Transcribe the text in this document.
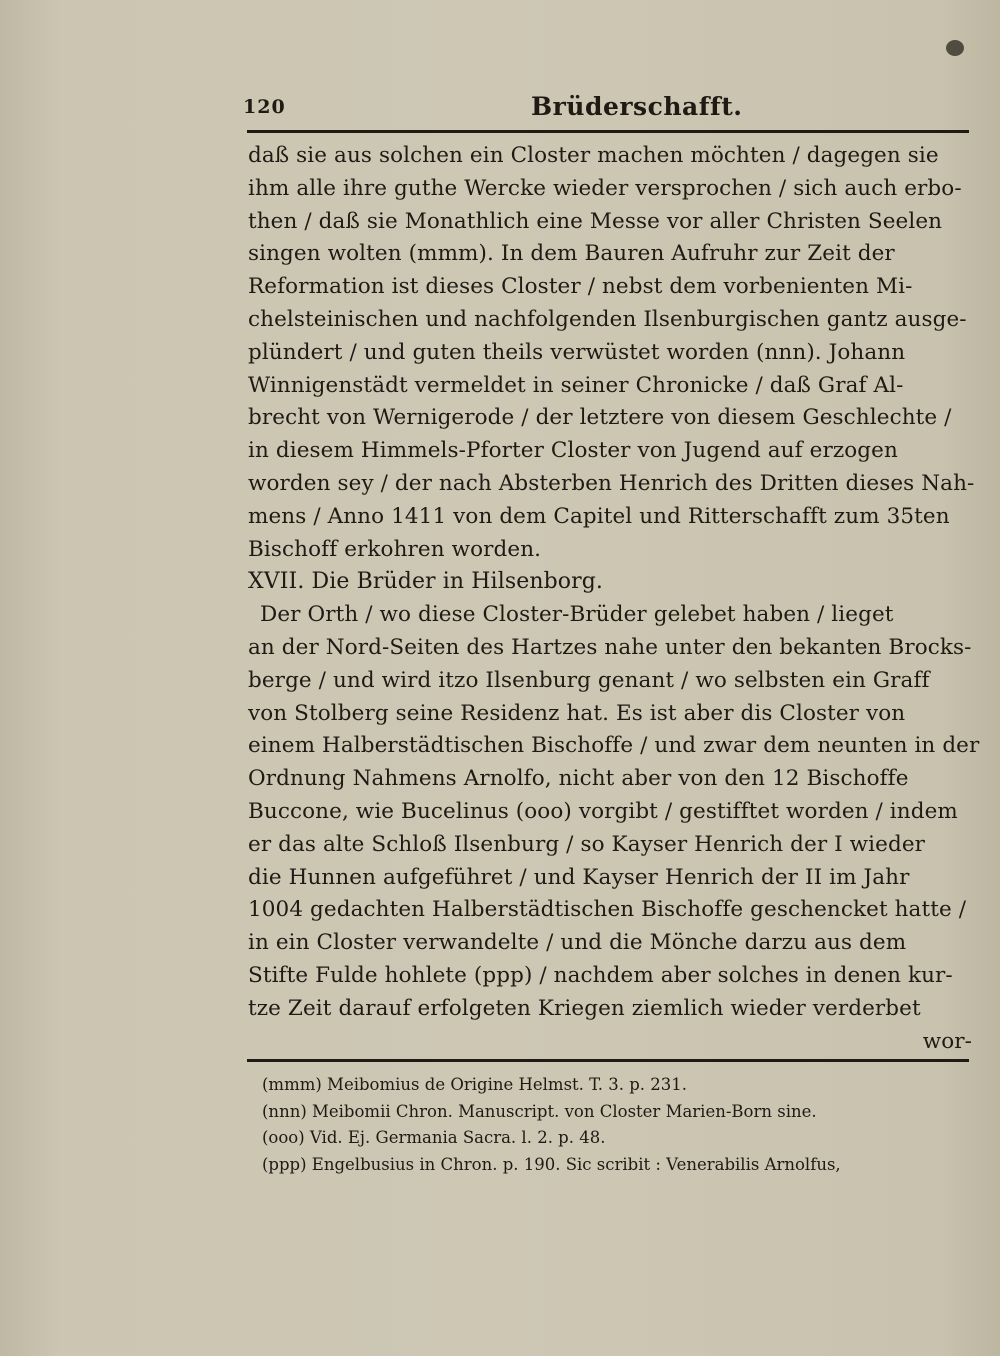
120	Brüderschafft.
daß sie aus solchen ein Closter machen möchten / dagegen sie
ihm alle ihre guthe Wercke wieder versprochen / sich auch erbo-
then / daß sie Monathlich eine Messe vor aller Christen Seelen
singen wolten (mmm). In dem Bauren Aufruhr zur Zeit der
Reformation ist dieses Closter / nebst dem vorbenienten Mi-
chelsteinischen und nachfolgenden Ilsenburgischen gantz ausge-
plündert / und guten theils verwüstet worden (nnn). Johann
Winnigenstädt vermeldet in seiner Chronicke / daß Graf Al-
brecht von Wernigerode / der letztere von diesem Geschlechte /
in diesem Himmels-Pforter Closter von Jugend auf erzogen
worden sey / der nach Absterben Henrich des Dritten dieses Nah-
mens / Anno 1411 von dem Capitel und Ritterschafft zum 35ten
Bischoff erkohren worden.
XVII. Die Brüder in Hilsenborg.
Der Orth / wo diese Closter-Brüder gelebet haben / lieget
an der Nord-Seiten des Hartzes nahe unter den bekanten Brocks-
berge / und wird itzo Ilsenburg genant / wo selbsten ein Graff
von Stolberg seine Residenz hat. Es ist aber dis Closter von
einem Halberstädtischen Bischoffe / und zwar dem neunten in der
Ordnung Nahmens Arnolfo, nicht aber von den 12 Bischoffe
Buccone, wie Bucelinus (ooo) vorgibt / gestifftet worden / indem
er das alte Schloß Ilsenburg / so Kayser Henrich der I wieder
die Hunnen aufgeführet / und Kayser Henrich der II im Jahr
1004 gedachten Halberstädtischen Bischoffe geschencket hatte /
in ein Closter verwandelte / und die Mönche darzu aus dem
Stifte Fulde hohlete (ppp) / nachdem aber solches in denen kur-
tze Zeit darauf erfolgeten Kriegen ziemlich wieder verderbet
wor-
(mmm) Meibomius de Origine Helmst. T. 3. p. 231.
(nnn) Meibomii Chron. Manuscript. von Closter Marien-Born sine.
(ooo) Vid. Ej. Germania Sacra. l. 2. p. 48.
(ppp) Engelbusius in Chron. p. 190. Sic scribit : Venerabilis Arnolfus,
